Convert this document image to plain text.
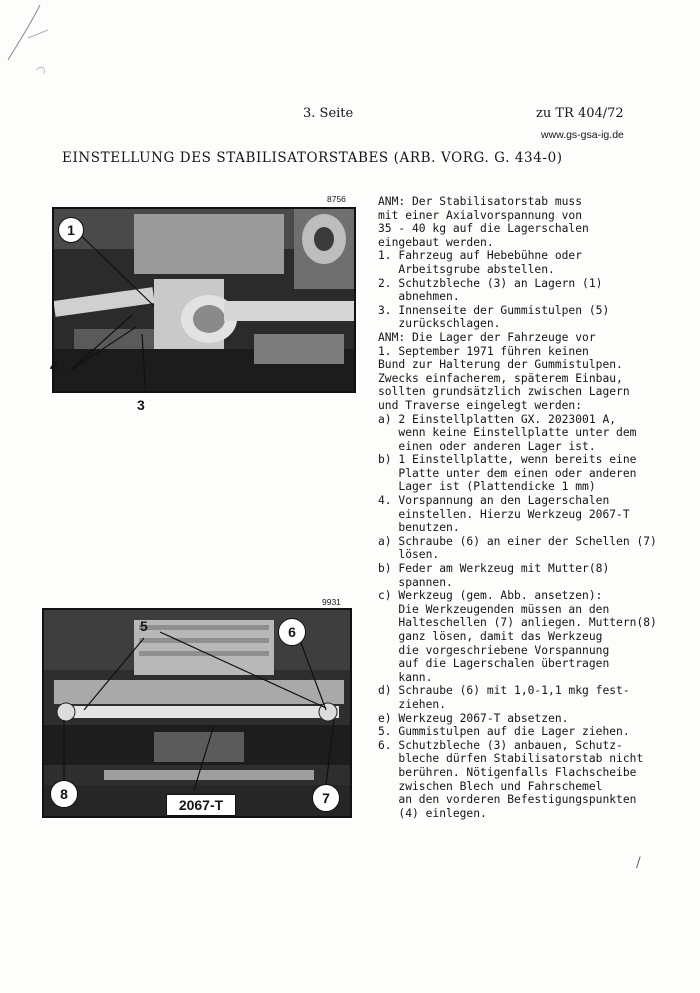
3. Seite	zu TR 404/72
www.gs-gsa-ig.de
EINSTELLUNG DES STABILISATORSTABES (ARB. VORG. G. 434-0)
8756
1
4
3
9931
5	6
8	7
2067-T
ANM: Der Stabilisatorstab muss
mit einer Axialvorspannung von
35 - 40 kg auf die Lagerschalen
eingebaut werden.
1. Fahrzeug auf Hebebühne oder
Arbeitsgrube abstellen.
2. Schutzbleche (3) an Lagern (1)
abnehmen.
3. Innenseite der Gummistulpen (5)
zurückschlagen.
ANM: Die Lager der Fahrzeuge vor
1. September 1971 führen keinen
Bund zur Halterung der Gummistulpen.
Zwecks einfacherem, späterem Einbau,
sollten grundsätzlich zwischen Lagern
und Traverse eingelegt werden:
a) 2 Einstellplatten GX. 2023001 A,
wenn keine Einstellplatte unter dem
einen oder anderen Lager ist.
b) 1 Einstellplatte, wenn bereits eine
Platte unter dem einen oder anderen
Lager ist (Plattendicke 1 mm)
4. Vorspannung an den Lagerschalen
einstellen. Hierzu Werkzeug 2067-T
benutzen.
a) Schraube (6) an einer der Schellen (7)
lösen.
b) Feder am Werkzeug mit Mutter(8)
spannen.
c) Werkzeug (gem. Abb. ansetzen):
Die Werkzeugenden müssen an den
Halteschellen (7) anliegen. Muttern(8)
ganz lösen, damit das Werkzeug
die vorgeschriebene Vorspannung
auf die Lagerschalen übertragen
kann.
d) Schraube (6) mit 1,0-1,1 mkg fest-
ziehen.
e) Werkzeug 2067-T absetzen.
5. Gummistulpen auf die Lager ziehen.
6. Schutzbleche (3) anbauen, Schutz-
bleche dürfen Stabilisatorstab nicht
berühren. Nötigenfalls Flachscheibe
zwischen Blech und Fahrschemel
an den vorderen Befestigungspunkten
(4) einlegen.
/
